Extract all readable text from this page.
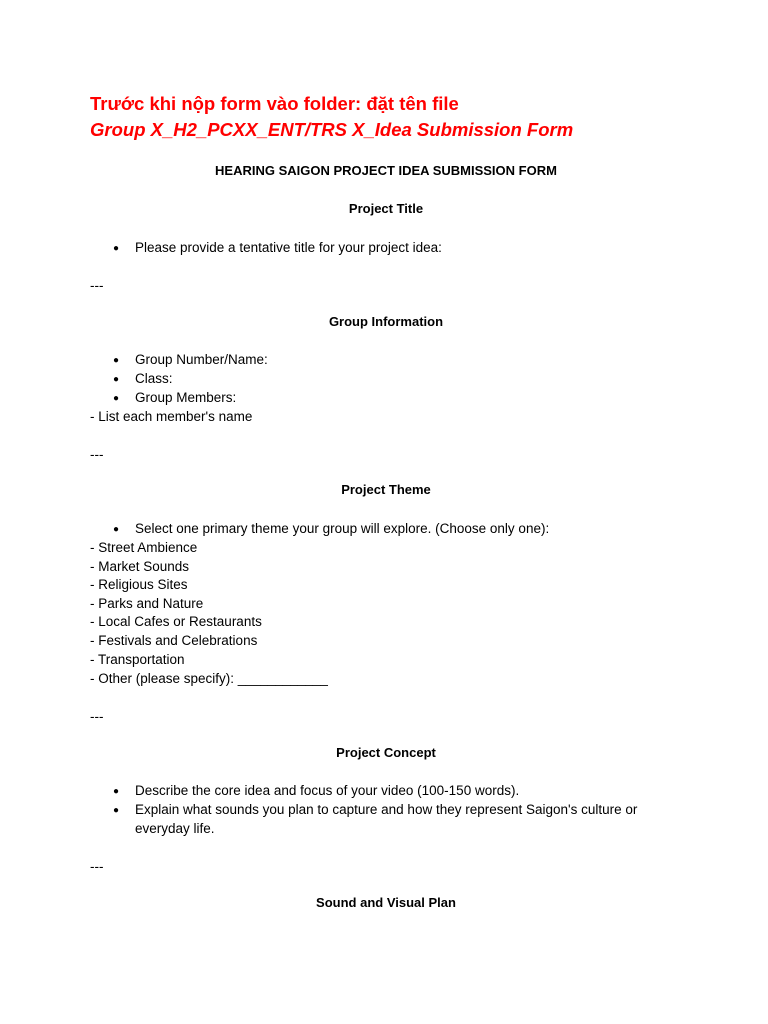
Trước khi nộp form vào folder: đặt tên file
Group X_H2_PCXX_ENT/TRS X_Idea Submission Form
HEARING SAIGON PROJECT IDEA SUBMISSION FORM
Project Title
● Please provide a tentative title for your project idea:
---
Group Information
● Group Number/Name:
● Class:
● Group Members:
- List each member's name
---
Project Theme
● Select one primary theme your group will explore. (Choose only one):
- Street Ambience
- Market Sounds
- Religious Sites
- Parks and Nature
- Local Cafes or Restaurants
- Festivals and Celebrations
- Transportation
- Other (please specify): ____________
---
Project Concept
● Describe the core idea and focus of your video (100-150 words).
● Explain what sounds you plan to capture and how they represent Saigon's culture or everyday life.
---
Sound and Visual Plan
